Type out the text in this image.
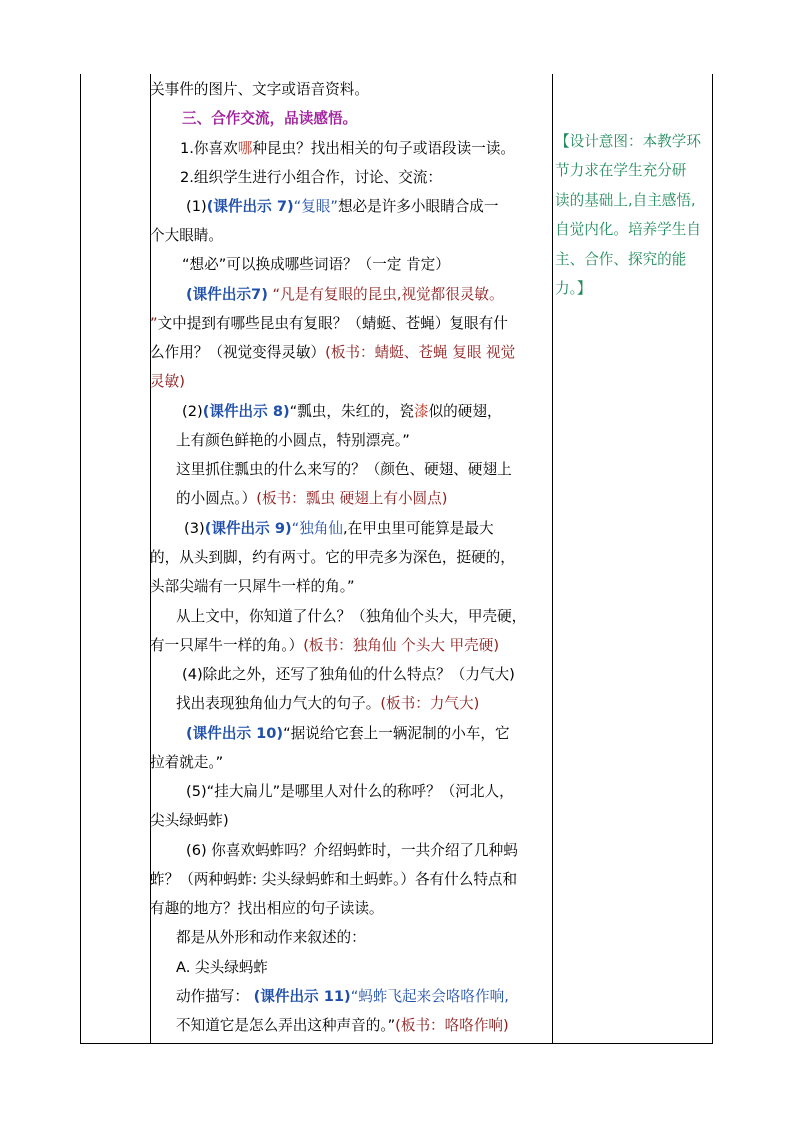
关事件的图片、文字或语音资料。
三、合作交流，品读感悟。
1.你喜欢哪种昆虫？找出相关的句子或语段读一读。
2.组织学生进行小组合作，讨论、交流：
(1)(课件出示 7)“复眼”想必是许多小眼睛合成一
个大眼睛。
“想必”可以换成哪些词语？（一定 肯定）
(课件出示7) “凡是有复眼的昆虫,视觉都很灵敏。
”文中提到有哪些昆虫有复眼？（蜻蜓、苍蝇）复眼有什
么作用？（视觉变得灵敏）(板书：蜻蜓、苍蝇 复眼 视觉
灵敏)
(2)(课件出示 8)“瓢虫，朱红的，瓷漆似的硬翅，
上有颜色鲜艳的小圆点，特别漂亮。”
这里抓住瓢虫的什么来写的？（颜色、硬翅、硬翅上
的小圆点。）(板书：瓢虫 硬翅上有小圆点)
(3)(课件出示 9)“独角仙,在甲虫里可能算是最大
的，从头到脚，约有两寸。它的甲壳多为深色，挺硬的，
头部尖端有一只犀牛一样的角。”
从上文中，你知道了什么？（独角仙个头大，甲壳硬，
有一只犀牛一样的角。）(板书：独角仙 个头大 甲壳硬)
(4)除此之外，还写了独角仙的什么特点？（力气大)
找出表现独角仙力气大的句子。(板书：力气大)
(课件出示 10)“据说给它套上一辆泥制的小车，它
拉着就走。”
(5)“挂大扁儿”是哪里人对什么的称呼？（河北人，
尖头绿蚂蚱)
(6) 你喜欢蚂蚱吗？介绍蚂蚱时，一共介绍了几种蚂
蚱？（两种蚂蚱: 尖头绿蚂蚱和土蚂蚱。）各有什么特点和
有趣的地方？找出相应的句子读读。
都是从外形和动作来叙述的：
A. 尖头绿蚂蚱
动作描写： (课件出示 11)“蚂蚱飞起来会咯咯作响,
不知道它是怎么弄出这种声音的。”(板书：咯咯作响)
【设计意图：本教学环
节力求在学生充分研
读的基础上,自主感悟,
自觉内化。培养学生自
主、合作、探究的能
力。】
